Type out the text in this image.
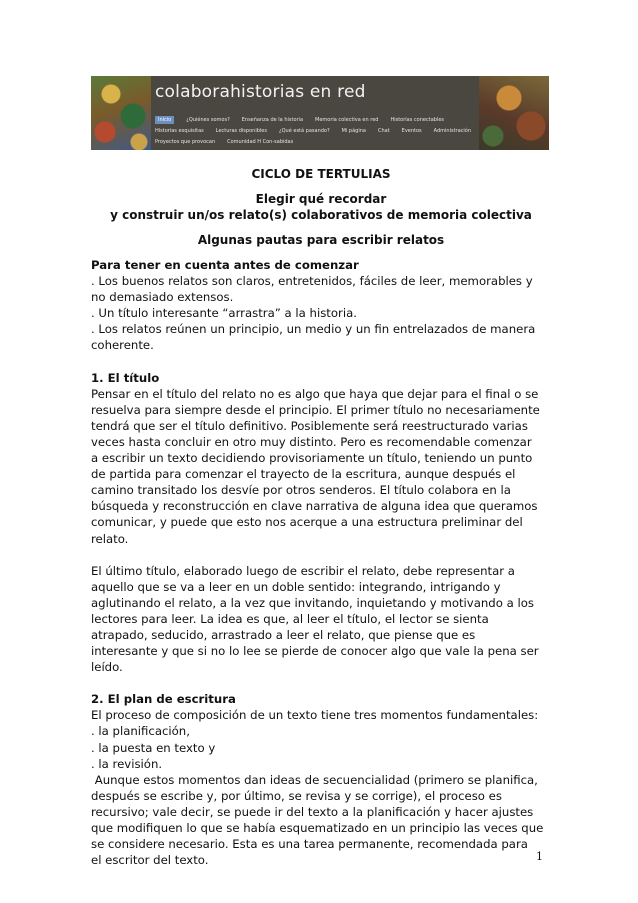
colaborahistorias en red
Inicio	¿Quiénes somos? Enseñanza de la historia Memoria colectiva en red Historias conectables
Historias exquisitas Lecturas disponibles ¿Qué está pasando? Mi página Chat Eventos Administración
Proyectos que provocan Comunidad H Con-sabidas
CICLO DE TERTULIAS
Elegir qué recordar
y construir un/os relato(s) colaborativos de memoria colectiva
Algunas pautas para escribir relatos
Para tener en cuenta antes de comenzar
. Los buenos relatos son claros, entretenidos, fáciles de leer, memorables y
no demasiado extensos.
. Un título interesante “arrastra” a la historia.
. Los relatos reúnen un principio, un medio y un fin entrelazados de manera
coherente.
1. El título
Pensar en el título del relato no es algo que haya que dejar para el final o se
resuelva para siempre desde el principio. El primer título no necesariamente
tendrá que ser el título definitivo. Posiblemente será reestructurado varias
veces hasta concluir en otro muy distinto. Pero es recomendable comenzar
a escribir un texto decidiendo provisoriamente un título, teniendo un punto
de partida para comenzar el trayecto de la escritura, aunque después el
camino transitado los desvíe por otros senderos. El título colabora en la
búsqueda y reconstrucción en clave narrativa de alguna idea que queramos
comunicar, y puede que esto nos acerque a una estructura preliminar del
relato.
El último título, elaborado luego de escribir el relato, debe representar a
aquello que se va a leer en un doble sentido: integrando, intrigando y
aglutinando el relato, a la vez que invitando, inquietando y motivando a los
lectores para leer. La idea es que, al leer el título, el lector se sienta
atrapado, seducido, arrastrado a leer el relato, que piense que es
interesante y que si no lo lee se pierde de conocer algo que vale la pena ser
leído.
2. El plan de escritura
El proceso de composición de un texto tiene tres momentos fundamentales:
. la planificación,
. la puesta en texto y
. la revisión.
Aunque estos momentos dan ideas de secuencialidad (primero se planifica,
después se escribe y, por último, se revisa y se corrige), el proceso es
recursivo; vale decir, se puede ir del texto a la planificación y hacer ajustes
que modifiquen lo que se había esquematizado en un principio las veces que
se considere necesario. Esta es una tarea permanente, recomendada para
el escritor del texto.	1
